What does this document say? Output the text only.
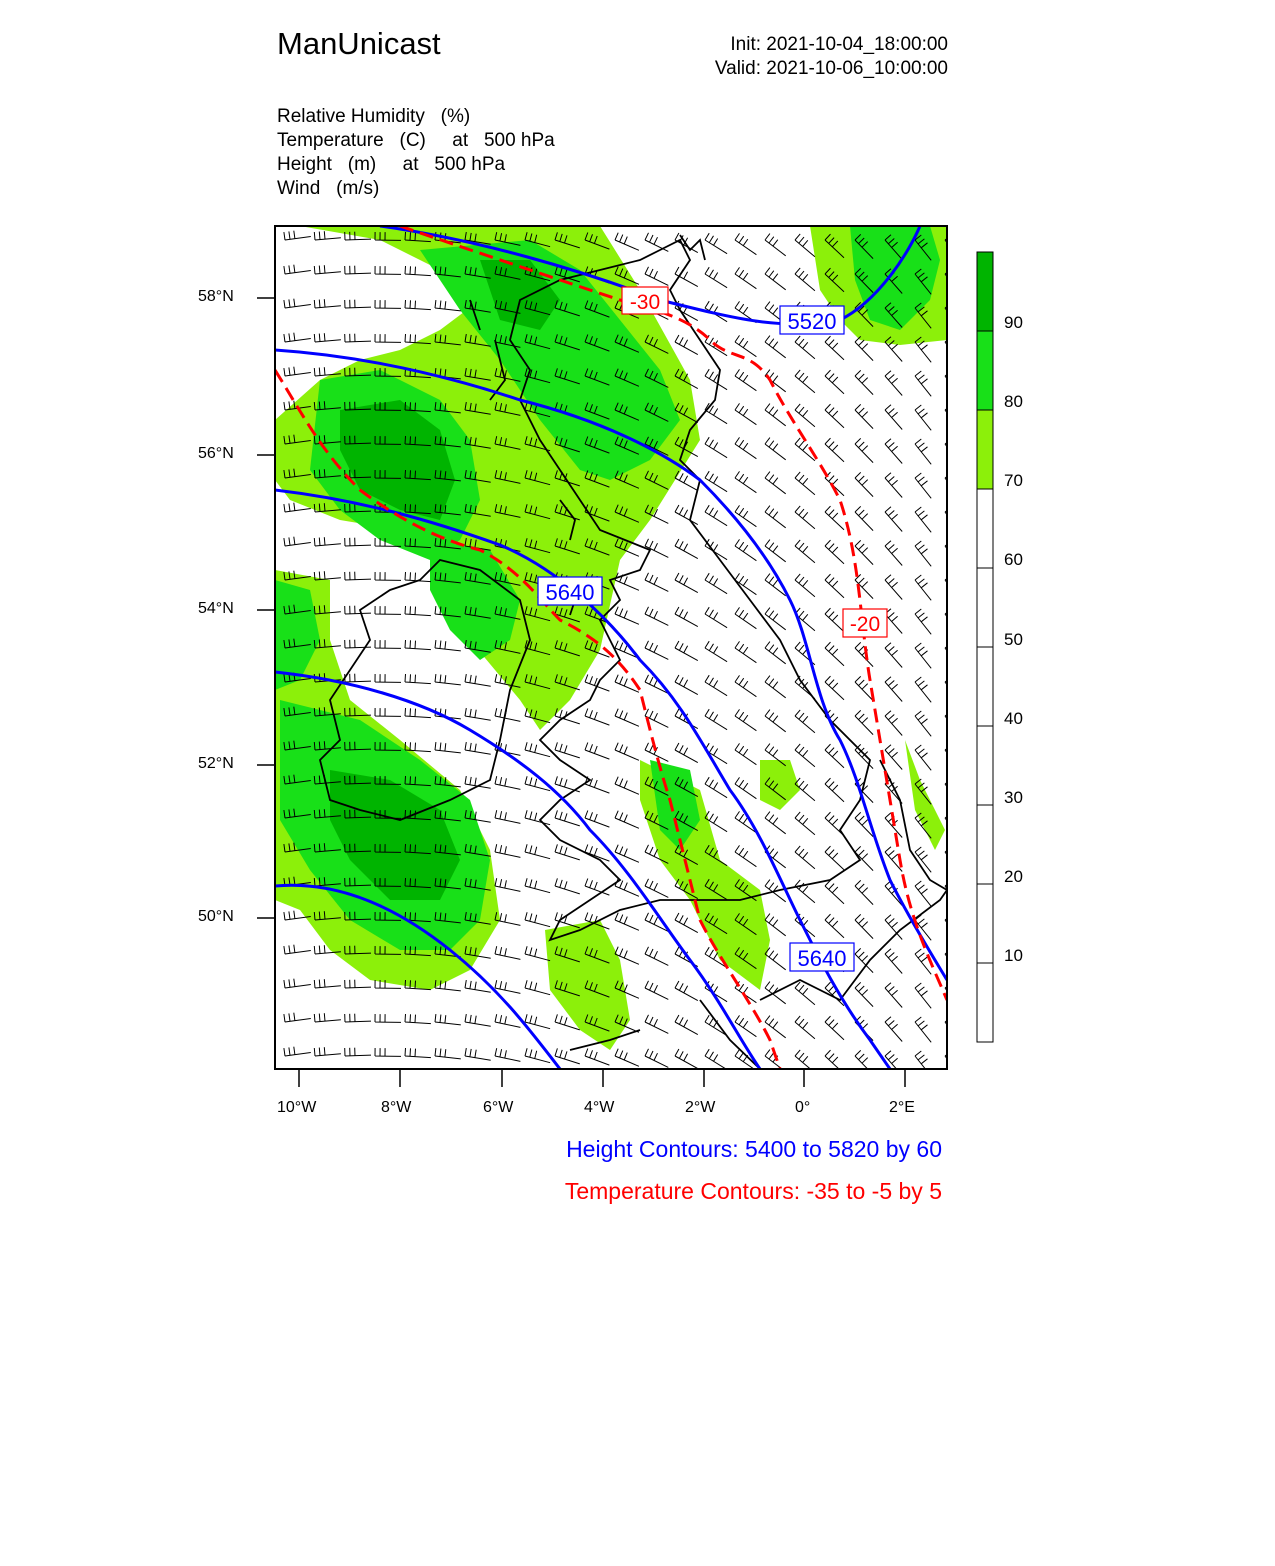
ManUnicast	Init: 2021-10-04_18:00:00
Valid: 2021-10-06_10:00:00
Relative Humidity   (%)
Temperature   (C)     at   500 hPa
Height   (m)     at   500 hPa
Wind   (m/s)
5520
5640
5640
-30
-20
58°N
56°N
54°N
52°N
50°N
10°W	8°W	6°W	4°W	2°W	0°	2°E
90
80
70
60
50
40
30
20
10
Height Contours: 5400 to 5820 by 60
Temperature Contours: -35 to -5 by 5
